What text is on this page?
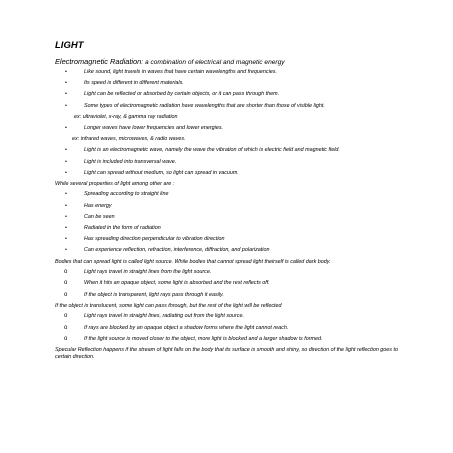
LIGHT
Electromagnetic Radiation: a combination of electrical and magnetic energy
•	Like sound, light travels in waves that have certain wavelengths and frequencies.
•	Its speed is different in different materials.
•	Light can be reflected or absorbed by certain objects, or it can pass through them.
•	Some types of electromagnetic radiation have wavelengths that are shorter than those of visible light.
ex: ultraviolet, x-ray, & gamma ray radiation
•	Longer waves have lower frequencies and lower energies.
ex: infrared waves, microwaves, & radio waves.
•	Light is an electromagnetic wave, namely the wave the vibration of which is electric field and magnetic field.
•	Light is included into transversal wave.
•	Light can spread without medium, so light can spread in vacuum.
While several properties of light among other are :
•	Spreading according to straight line
•	Has energy
•	Can be seen
•	Radiated in the form of radiation
•	Has spreading direction perpendicular to vibration direction
•	Can experience reflection, refraction, interference, diffraction, and polarization
Bodies that can spread light is called light source. While bodies that cannot spread light theirself is called dark body.
o	Light rays travel in straight lines from the light source.
o	When it hits an opaque object, some light is absorbed and the rest reflects off.
o	If the object is transparent, light rays pass through it easily.
If the object is translucent, some light can pass through, but the rest of the light will be reflected
o	Light rays travel in straight lines, radiating out from the light source.
o	If rays are blocked by an opaque object a shadow forms where the light cannot reach.
o	If the light source is moved closer to the object, more light is blocked and a larger shadow is formed.
Specular Reflection happens if the stream of light falls on the body that its surface is smooth and shiny, so direction of the light reflection goes to certain direction.
